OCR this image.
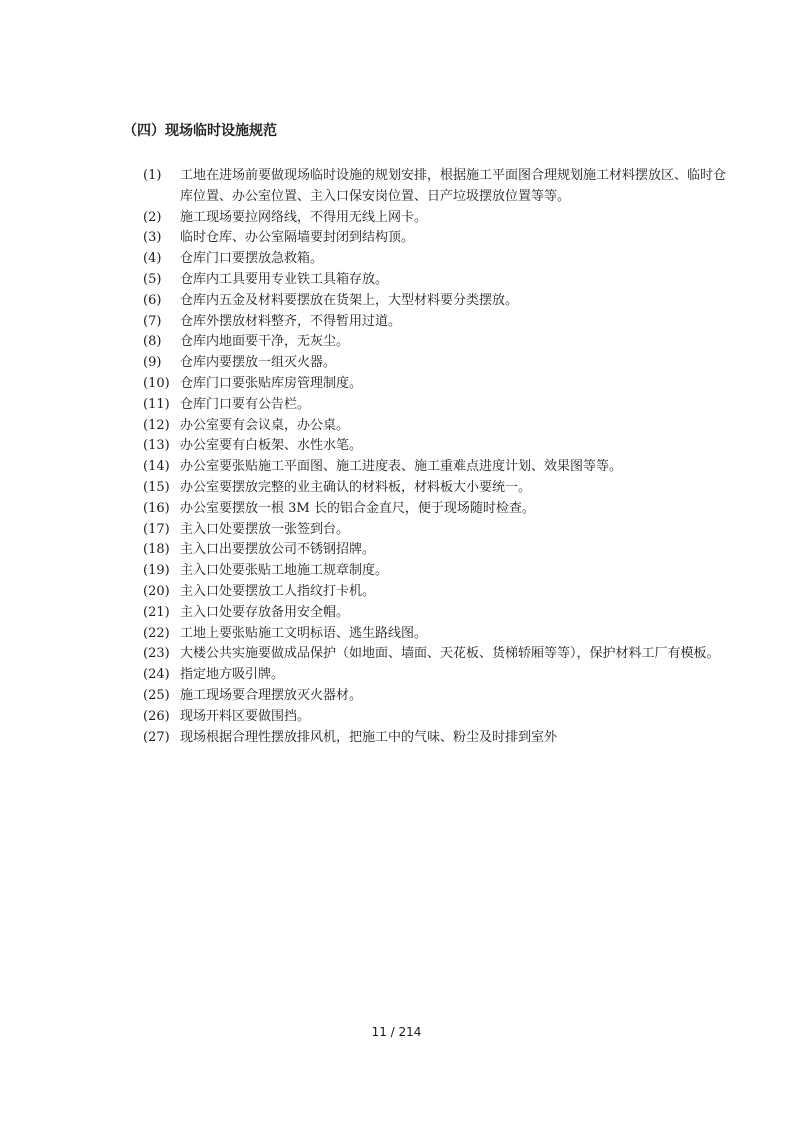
（四）现场临时设施规范
(1)	工地在进场前要做现场临时设施的规划安排，根据施工平面图合理规划施工材料摆放区、临时仓库位置、办公室位置、主入口保安岗位置、日产垃圾摆放位置等等。
(2)	施工现场要拉网络线，不得用无线上网卡。
(3)	临时仓库、办公室隔墙要封闭到结构顶。
(4)	仓库门口要摆放急救箱。
(5)	仓库内工具要用专业铁工具箱存放。
(6)	仓库内五金及材料要摆放在货架上，大型材料要分类摆放。
(7)	仓库外摆放材料整齐，不得暂用过道。
(8)	仓库内地面要干净，无灰尘。
(9)	仓库内要摆放一组灭火器。
(10) 仓库门口要张贴库房管理制度。
(11) 仓库门口要有公告栏。
(12) 办公室要有会议桌，办公桌。
(13) 办公室要有白板架、水性水笔。
(14) 办公室要张贴施工平面图、施工进度表、施工重难点进度计划、效果图等等。
(15) 办公室要摆放完整的业主确认的材料板，材料板大小要统一。
(16) 办公室要摆放一根 3M 长的铝合金直尺，便于现场随时检查。
(17) 主入口处要摆放一张签到台。
(18) 主入口出要摆放公司不锈钢招牌。
(19) 主入口处要张贴工地施工规章制度。
(20) 主入口处要摆放工人指纹打卡机。
(21) 主入口处要存放备用安全帽。
(22) 工地上要张贴施工文明标语、逃生路线图。
(23) 大楼公共实施要做成品保护（如地面、墙面、天花板、货梯轿厢等等），保护材料工厂有模板。
(24) 指定地方吸引牌。
(25) 施工现场要合理摆放灭火器材。
(26) 现场开料区要做围挡。
(27) 现场根据合理性摆放排风机，把施工中的气味、粉尘及时排到室外
11 / 214
